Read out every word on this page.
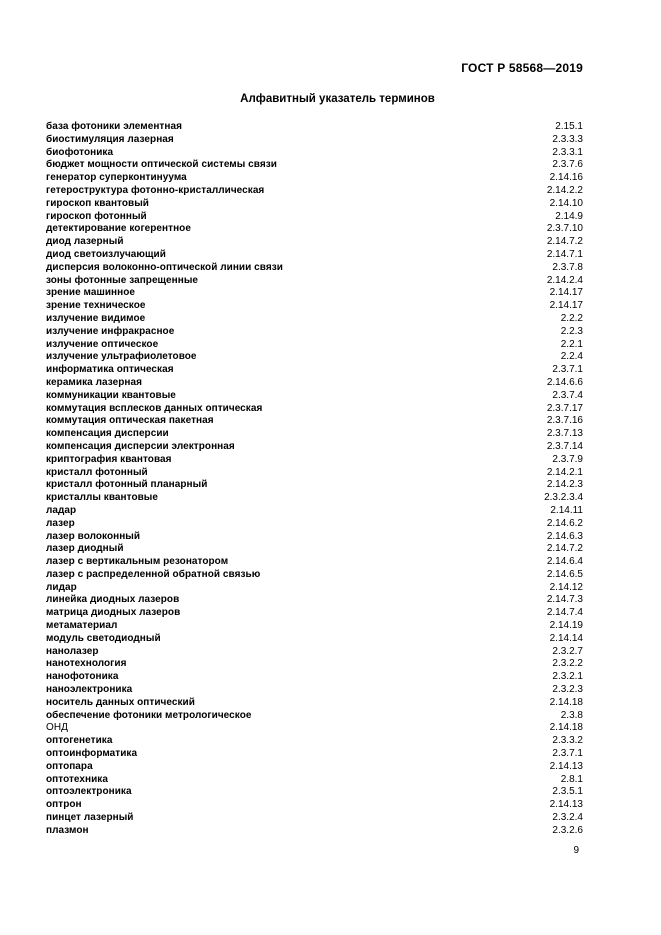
ГОСТ Р 58568—2019
Алфавитный указатель терминов
база фотоники элементная	2.15.1
биостимуляция лазерная	2.3.3.3
биофотоника	2.3.3.1
бюджет мощности оптической системы связи	2.3.7.6
генератор суперконтинуума	2.14.16
гетероструктура фотонно-кристаллическая	2.14.2.2
гироскоп квантовый	2.14.10
гироскоп фотонный	2.14.9
детектирование когерентное	2.3.7.10
диод лазерный	2.14.7.2
диод светоизлучающий	2.14.7.1
дисперсия волоконно-оптической линии связи	2.3.7.8
зоны фотонные запрещенные	2.14.2.4
зрение машинное	2.14.17
зрение техническое	2.14.17
излучение видимое	2.2.2
излучение инфракрасное	2.2.3
излучение оптическое	2.2.1
излучение ультрафиолетовое	2.2.4
информатика оптическая	2.3.7.1
керамика лазерная	2.14.6.6
коммуникации квантовые	2.3.7.4
коммутация всплесков данных оптическая	2.3.7.17
коммутация оптическая пакетная	2.3.7.16
компенсация дисперсии	2.3.7.13
компенсация дисперсии электронная	2.3.7.14
криптография квантовая	2.3.7.9
кристалл фотонный	2.14.2.1
кристалл фотонный планарный	2.14.2.3
кристаллы квантовые	2.3.2.3.4
ладар	2.14.11
лазер	2.14.6.2
лазер волоконный	2.14.6.3
лазер диодный	2.14.7.2
лазер с вертикальным резонатором	2.14.6.4
лазер с распределенной обратной связью	2.14.6.5
лидар	2.14.12
линейка диодных лазеров	2.14.7.3
матрица диодных лазеров	2.14.7.4
метаматериал	2.14.19
модуль светодиодный	2.14.14
нанолазер	2.3.2.7
нанотехнология	2.3.2.2
нанофотоника	2.3.2.1
наноэлектроника	2.3.2.3
носитель данных оптический	2.14.18
обеспечение фотоники метрологическое	2.3.8
ОНД	2.14.18
оптогенетика	2.3.3.2
оптоинформатика	2.3.7.1
оптопара	2.14.13
оптотехника	2.8.1
оптоэлектроника	2.3.5.1
оптрон	2.14.13
пинцет лазерный	2.3.2.4
плазмон	2.3.2.6
9
